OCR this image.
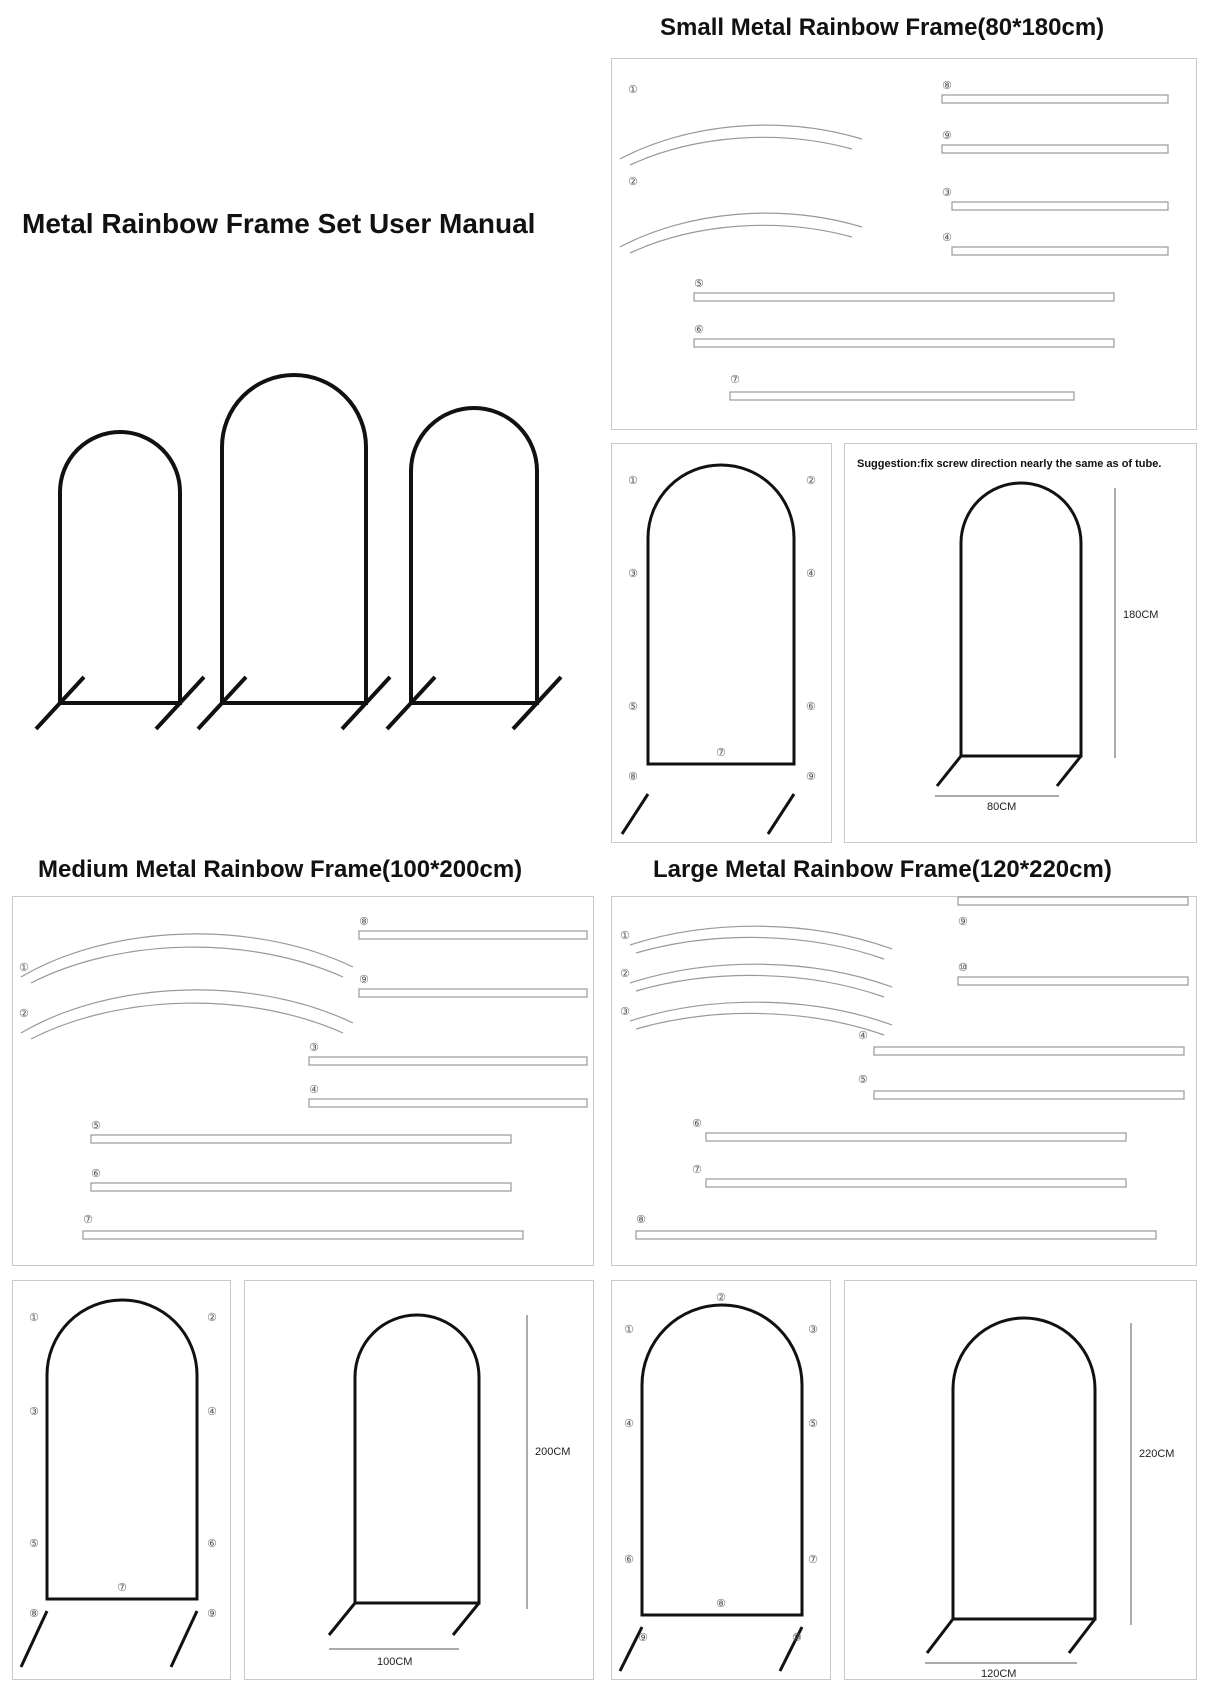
Metal Rainbow Frame Set User Manual
Small Metal Rainbow Frame(80*180cm)
Medium Metal Rainbow Frame(100*200cm)	Large Metal Rainbow Frame(120*220cm)
①
②
⑧
⑨
③
④
⑤
⑥
⑦
①	②
③	④
⑤	⑥
⑦
⑧	⑨
Suggestion:fix screw direction nearly the same as of tube.
180CM
80CM
①
②
⑧
⑨
③
④
⑤
⑥
⑦
①	②
③	④
⑤	⑥
⑦
⑧	⑨
200CM
100CM
①
②
③
⑨
⑩
④
⑤
⑥
⑦
⑧
①
②
③
④	⑤
⑥	⑦
⑧
⑨	⑩
220CM
120CM
